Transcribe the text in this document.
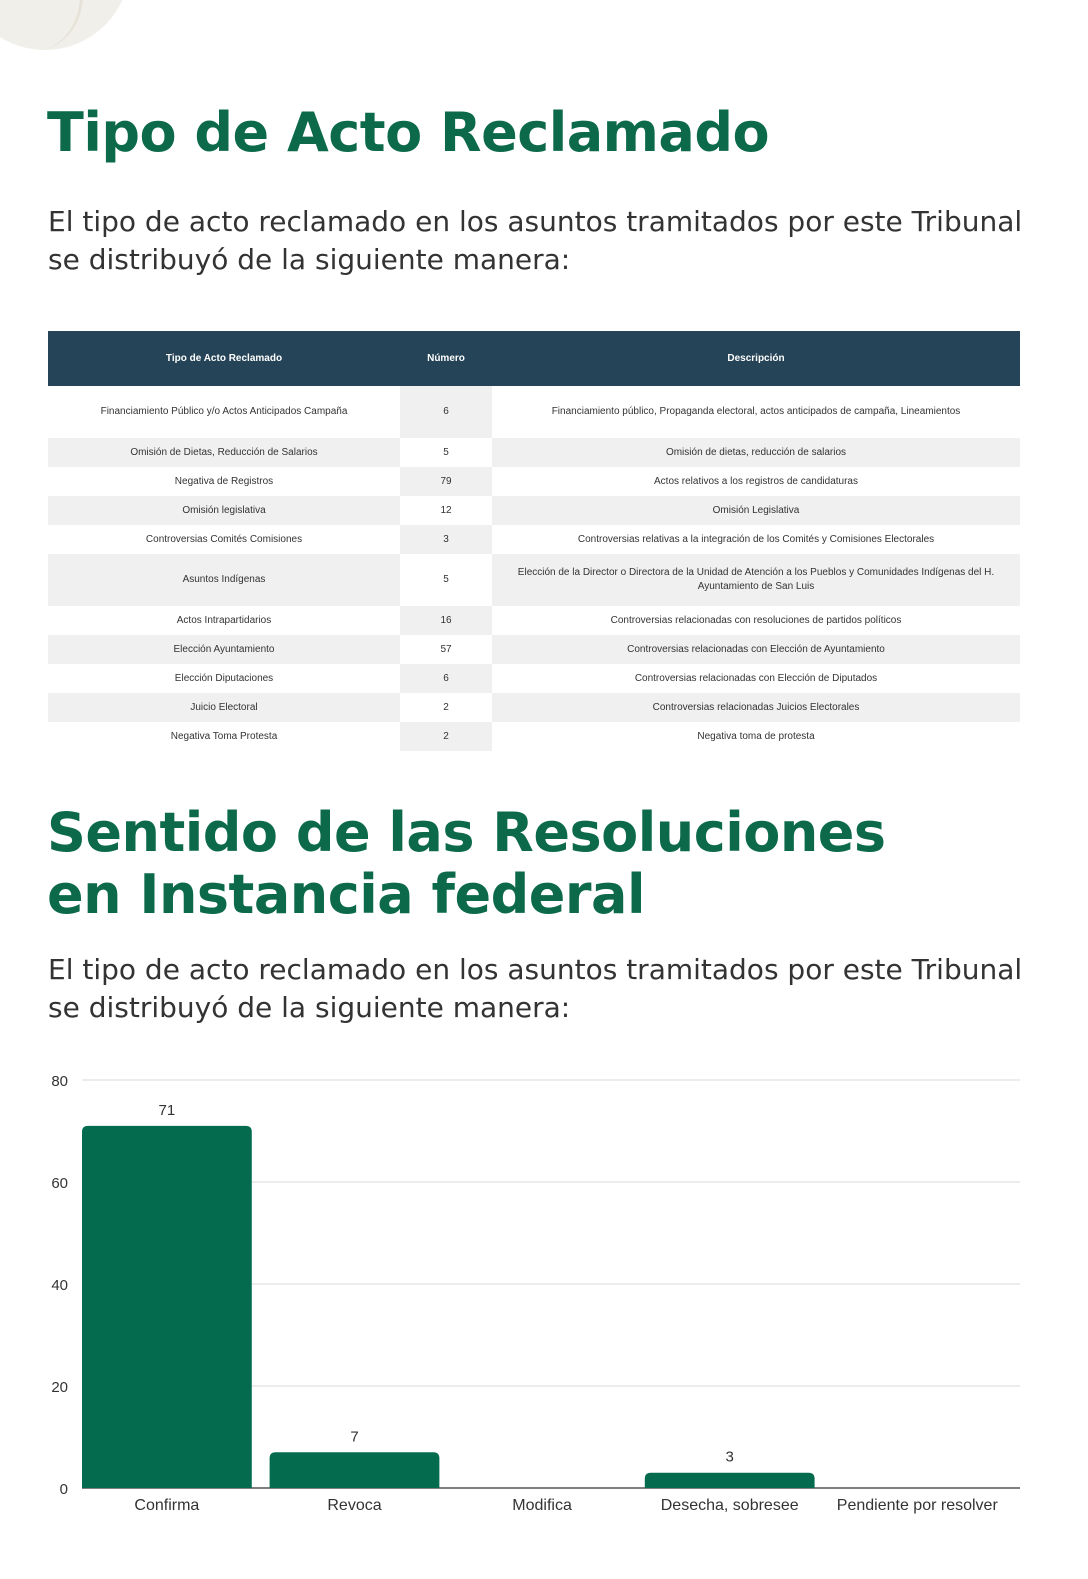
Tipo de Acto Reclamado

El tipo de acto reclamado en los asuntos tramitados por este Tribunal se distribuyó de la siguiente manera:

Tipo de Acto Reclamado	Número	Descripción
Financiamiento Público y/o Actos Anticipados Campaña	6	Financiamiento público, Propaganda electoral, actos anticipados de campaña, Lineamientos
Omisión de Dietas, Reducción de Salarios	5	Omisión de dietas, reducción de salarios
Negativa de Registros	79	Actos relativos a los registros de candidaturas
Omisión legislativa	12	Omisión Legislativa
Controversias Comités Comisiones	3	Controversias relativas a la integración de los Comités y Comisiones Electorales
Asuntos Indígenas	5	Elección de la Director o Directora de la Unidad de Atención a los Pueblos y Comunidades Indígenas del H. Ayuntamiento de San Luis
Actos Intrapartidarios	16	Controversias relacionadas con resoluciones de partidos políticos
Elección Ayuntamiento	57	Controversias relacionadas con Elección de Ayuntamiento
Elección Diputaciones	6	Controversias relacionadas con Elección de Diputados
Juicio Electoral	2	Controversias relacionadas Juicios Electorales
Negativa Toma Protesta	2	Negativa toma de protesta
Sentido de las Resoluciones
en Instancia federal

El tipo de acto reclamado en los asuntos tramitados por este Tribunal se distribuyó de la siguiente manera:

0
20
40
60
80
71
Confirma
7
Revoca	Modifica
3
Desecha, sobresee Pendiente por resolver
